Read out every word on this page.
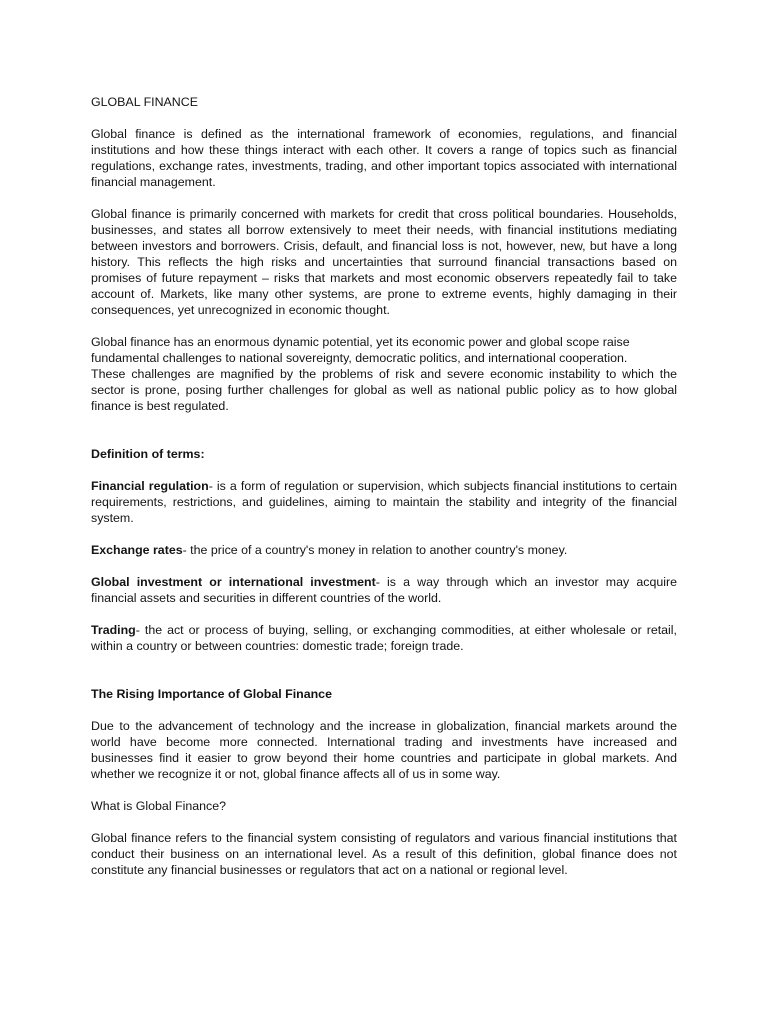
GLOBAL FINANCE

Global finance is defined as the international framework of economies, regulations, and financial institutions and how these things interact with each other. It covers a range of topics such as financial regulations, exchange rates, investments, trading, and other important topics associated with international financial management.

Global finance is primarily concerned with markets for credit that cross political boundaries. Households, businesses, and states all borrow extensively to meet their needs, with financial institutions mediating between investors and borrowers. Crisis, default, and financial loss is not, however, new, but have a long history. This reflects the high risks and uncertainties that surround financial transactions based on promises of future repayment – risks that markets and most economic observers repeatedly fail to take account of. Markets, like many other systems, are prone to extreme events, highly damaging in their consequences, yet unrecognized in economic thought.

Global finance has an enormous dynamic potential, yet its economic power and global scope raise

fundamental challenges to national sovereignty, democratic politics, and international cooperation.

These challenges are magnified by the problems of risk and severe economic instability to which the sector is prone, posing further challenges for global as well as national public policy as to how global finance is best regulated.

Definition of terms:

Financial regulation- is a form of regulation or supervision, which subjects financial institutions to certain requirements, restrictions, and guidelines, aiming to maintain the stability and integrity of the financial system.

Exchange rates- the price of a country's money in relation to another country's money.

Global investment or international investment- is a way through which an investor may acquire financial assets and securities in different countries of the world.

Trading- the act or process of buying, selling, or exchanging commodities, at either wholesale or retail, within a country or between countries: domestic trade; foreign trade.

The Rising Importance of Global Finance

Due to the advancement of technology and the increase in globalization, financial markets around the world have become more connected. International trading and investments have increased and businesses find it easier to grow beyond their home countries and participate in global markets. And whether we recognize it or not, global finance affects all of us in some way.

What is Global Finance?

Global finance refers to the financial system consisting of regulators and various financial institutions that conduct their business on an international level. As a result of this definition, global finance does not constitute any financial businesses or regulators that act on a national or regional level.
